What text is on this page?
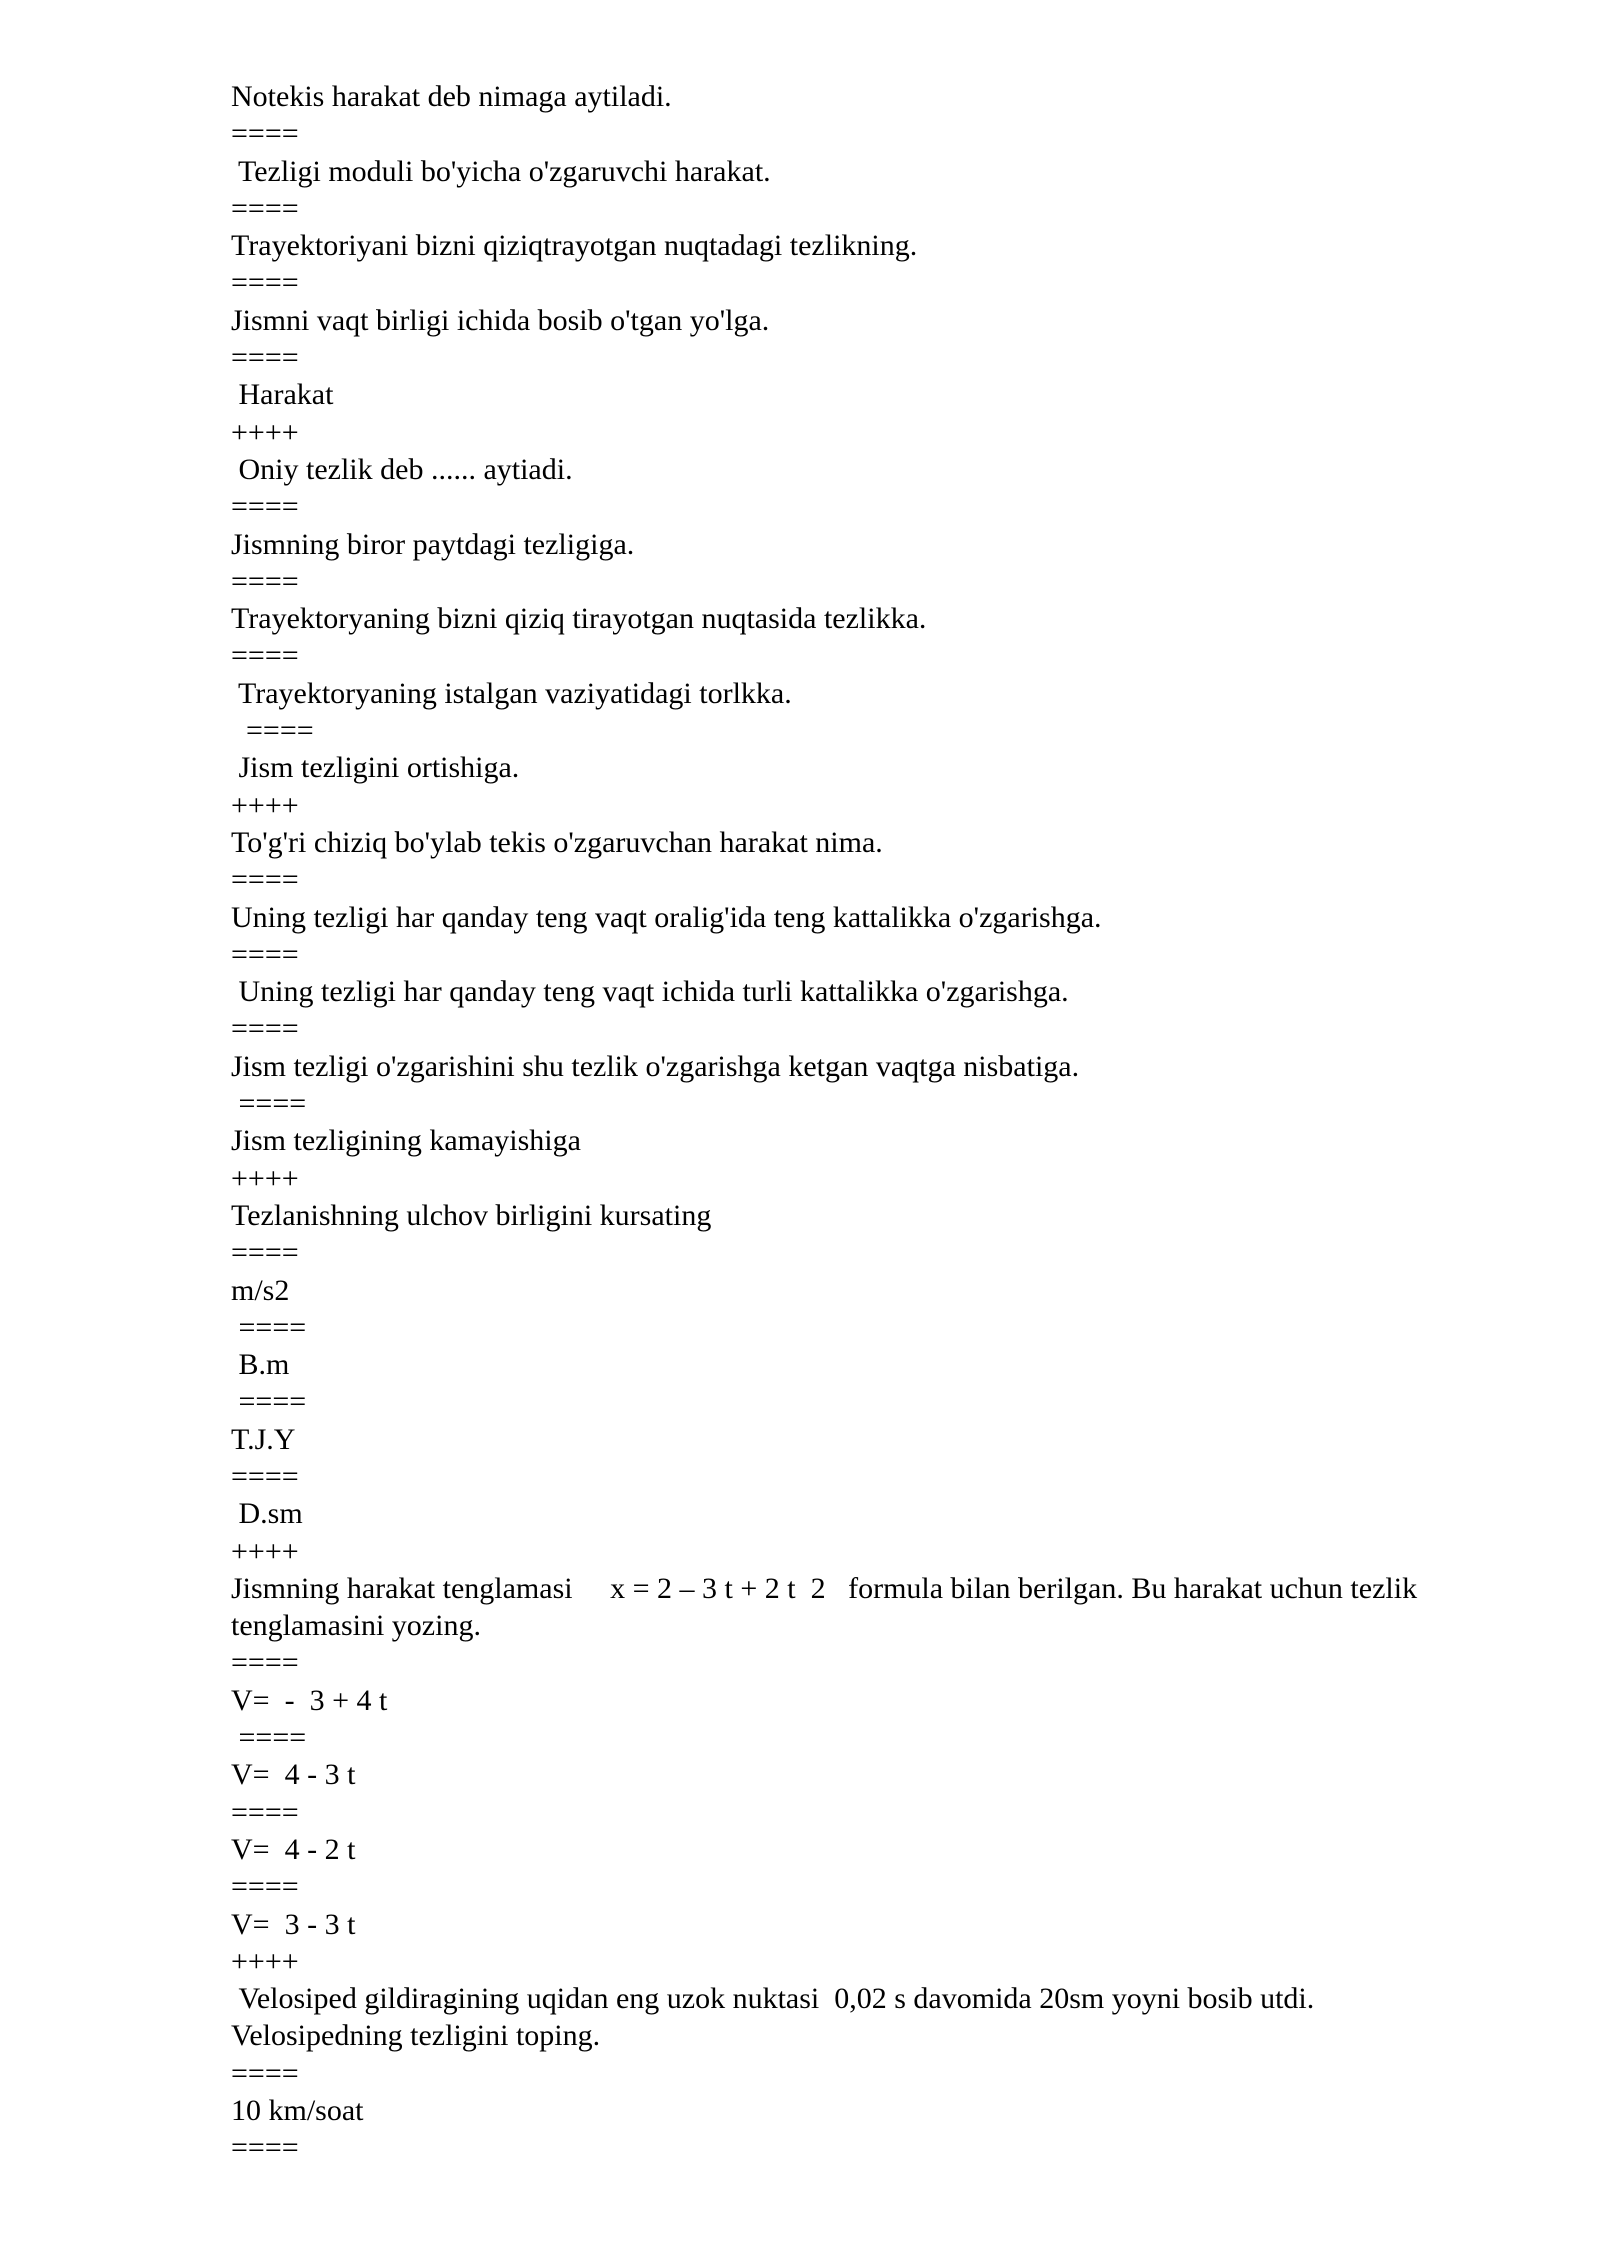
Notekis harakat deb nimaga aytiladi.
====
Tezligi moduli bo'yicha o'zgaruvchi harakat.
====
Trayektoriyani bizni qiziqtrayotgan nuqtadagi tezlikning.
====
Jismni vaqt birligi ichida bosib o'tgan yo'lga.
====
Harakat
++++
Oniy tezlik deb ...... aytiadi.
====
Jismning biror paytdagi tezligiga.
====
Trayektoryaning bizni qiziq tirayotgan nuqtasida tezlikka.
====
Trayektoryaning istalgan vaziyatidagi torlkka.
====
Jism tezligini ortishiga.
++++
To'g'ri chiziq bo'ylab tekis o'zgaruvchan harakat nima.
====
Uning tezligi har qanday teng vaqt oralig'ida teng kattalikka o'zgarishga.
====
Uning tezligi har qanday teng vaqt ichida turli kattalikka o'zgarishga.
====
Jism tezligi o'zgarishini shu tezlik o'zgarishga ketgan vaqtga nisbatiga.
====
Jism tezligining kamayishiga
++++
Tezlanishning ulchov birligini kursating
====
m/s2
====
B.m
====
T.J.Y
====
D.sm
++++
Jismning harakat tenglamasi     x = 2 – 3 t + 2 t  2   formula bilan berilgan. Bu harakat uchun tezlik tenglamasini yozing.
====
V=  -  3 + 4 t
====
V=  4 - 3 t
====
V=  4 - 2 t
====
V=  3 - 3 t
++++
Velosiped gildiragining uqidan eng uzok nuktasi  0,02 s davomida 20sm yoyni bosib utdi. Velosipedning tezligini toping.
====
10 km/soat
====
